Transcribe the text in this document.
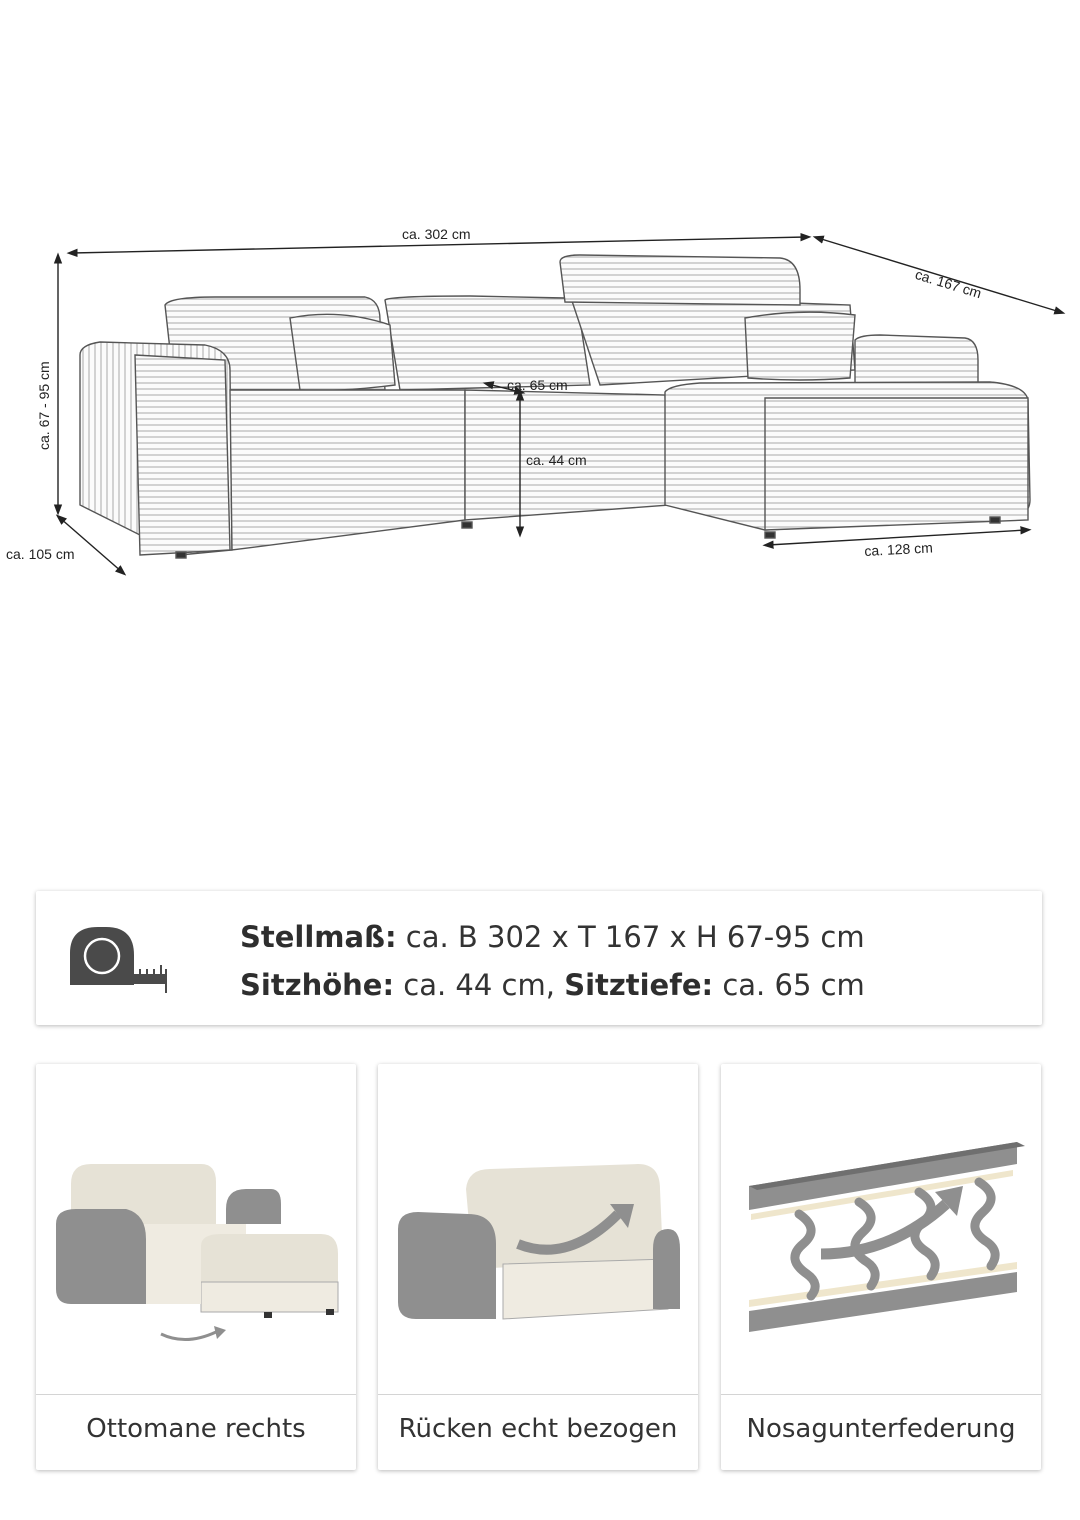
ca. 302 cm
ca. 167 cm
ca. 67 - 95 cm
ca. 105 cm
ca. 65 cm
ca. 44 cm
ca. 128 cm
Stellmaß: ca. B 302 x T 167 x H 67-95 cm
Sitzhöhe: ca. 44 cm, Sitztiefe: ca. 65 cm
Ottomane rechts	Rücken echt bezogen	Nosagunterfederung
